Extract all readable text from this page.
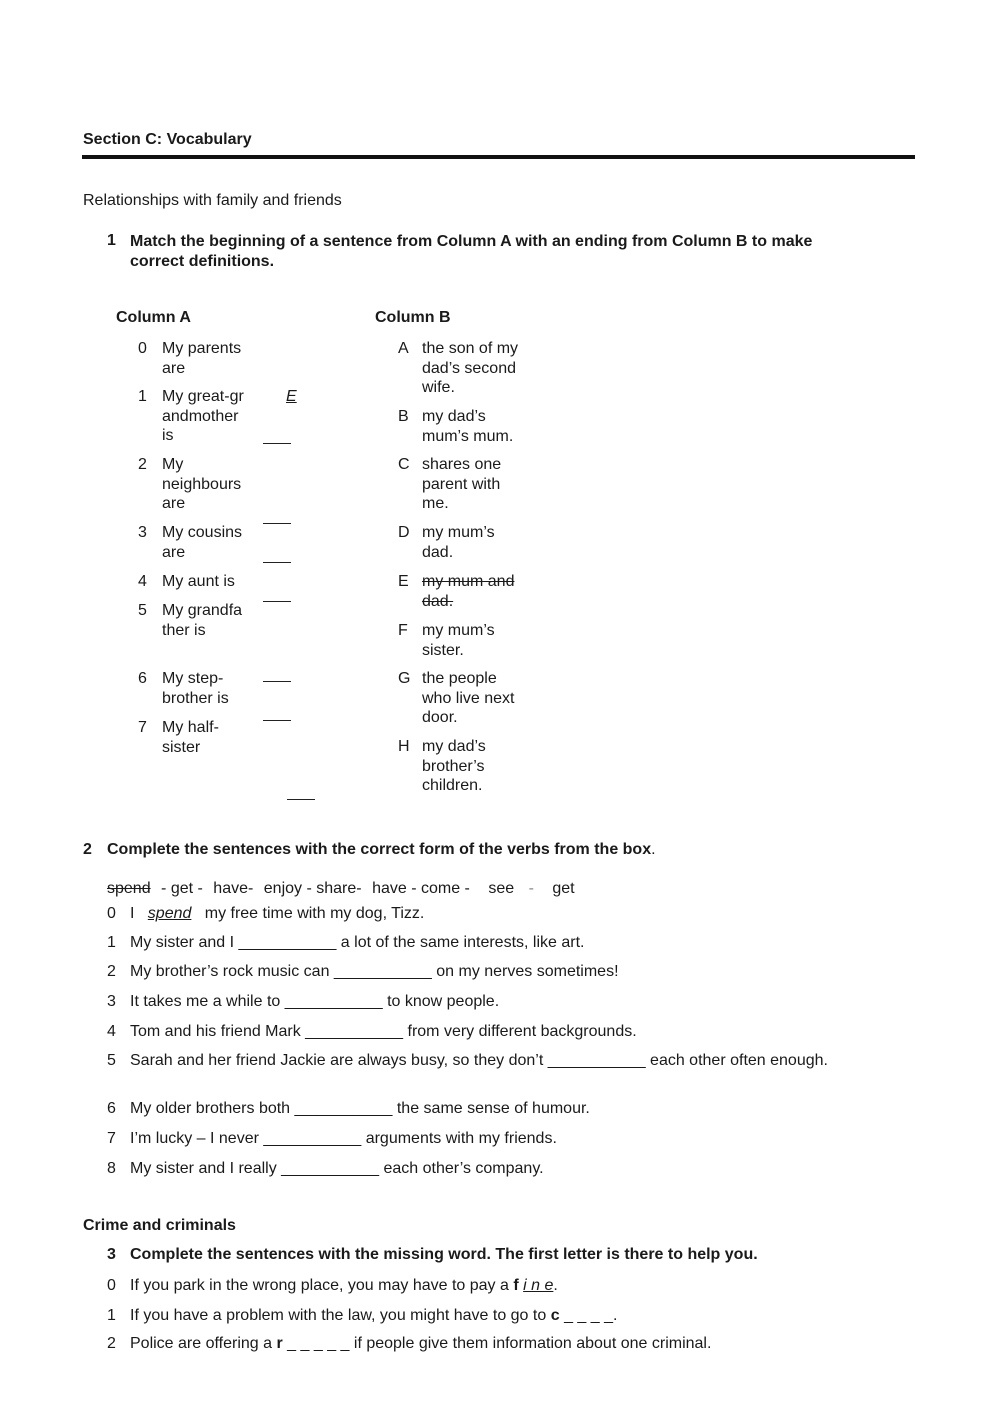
Section C: Vocabulary
Relationships with family and friends
1 Match the beginning of a sentence from Column A with an ending from Column B to make correct definitions.
Column A	Column B
0 My parents are
1 My great-grandmother is
2 My neighbours are
3 My cousins are
4 My aunt is
5 My grandfather is
6 My step-brother is
7 My half-sister
E
A the son of my dad’s second wife.
B my dad’s mum’s mum.
C shares one parent with me.
D my mum’s dad.
E my mum and dad.
F my mum’s sister.
G the people who live next door.
H my dad’s brother’s children.
2 Complete the sentences with the correct form of the verbs from the box.
spend - get - have- enjoy - share- have - come - see - get
0 I spend my free time with my dog, Tizz.
1 My sister and I ___________ a lot of the same interests, like art.
2 My brother’s rock music can ___________ on my nerves sometimes!
3 It takes me a while to ___________ to know people.
4 Tom and his friend Mark ___________ from very different backgrounds.
5 Sarah and her friend Jackie are always busy, so they don’t ___________ each other often enough.
6 My older brothers both ___________ the same sense of humour.
7 I’m lucky – I never ___________ arguments with my friends.
8 My sister and I really ___________ each other’s company.
Crime and criminals
3 Complete the sentences with the missing word. The first letter is there to help you.
0 If you park in the wrong place, you may have to pay a f i n e.
1 If you have a problem with the law, you might have to go to c _ _ _ _.
2 Police are offering a r _ _ _ _ _ if people give them information about one criminal.
